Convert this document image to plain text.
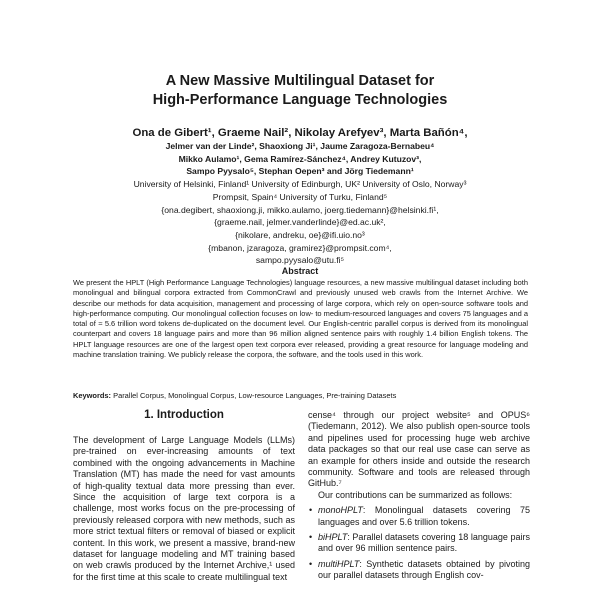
A New Massive Multilingual Dataset for
High-Performance Language Technologies
Ona de Gibert¹, Graeme Nail², Nikolay Arefyev³, Marta Bañón⁴,
Jelmer van der Linde², Shaoxiong Ji¹, Jaume Zaragoza-Bernabeu⁴
Mikko Aulamo¹, Gema Ramírez-Sánchez⁴, Andrey Kutuzov³,
Sampo Pyysalo⁵, Stephan Oepen³ and Jörg Tiedemann¹
University of Helsinki, Finland¹ University of Edinburgh, UK² University of Oslo, Norway³
Prompsit, Spain⁴ University of Turku, Finland⁵
{ona.degibert, shaoxiong.ji, mikko.aulamo, joerg.tiedemann}@helsinki.fi¹,
{graeme.nail, jelmer.vanderlinde}@ed.ac.uk²,
{nikolare, andreku, oe}@ifi.uio.no³
{mbanon, jzaragoza, gramirez}@prompsit.com⁴,
sampo.pyysalo@utu.fi⁵
Abstract
We present the HPLT (High Performance Language Technologies) language resources, a new massive multilingual dataset including both monolingual and bilingual corpora extracted from CommonCrawl and previously unused web crawls from the Internet Archive. We describe our methods for data acquisition, management and processing of large corpora, which rely on open-source software tools and high-performance computing. Our monolingual collection focuses on low- to medium-resourced languages and covers 75 languages and a total of ≈ 5.6 trillion word tokens de-duplicated on the document level. Our English-centric parallel corpus is derived from its monolingual counterpart and covers 18 language pairs and more than 96 million aligned sentence pairs with roughly 1.4 billion English tokens. The HPLT language resources are one of the largest open text corpora ever released, providing a great resource for language modeling and machine translation training. We publicly release the corpora, the software, and the tools used in this work.
Keywords: Parallel Corpus, Monolingual Corpus, Low-resource Languages, Pre-training Datasets
1. Introduction

The development of Large Language Models (LLMs) pre-trained on ever-increasing amounts of text combined with the ongoing advancements in Machine Translation (MT) has made the need for vast amounts of high-quality textual data more pressing than ever. Since the acquisition of large text corpora is a challenge, most works focus on the pre-processing of previously released corpora with new methods, such as more strict textual filters or removal of biased or explicit content. In this work, we present a massive, brand-new dataset for language modeling and MT training based on web crawls produced by the Internet Archive,¹ used for the first time at this scale to create multilingual text

cense⁴ through our project website⁵ and OPUS⁶ (Tiedemann, 2012). We also publish open-source tools and pipelines used for processing huge web archive data packages so that our real use case can serve as an example for others inside and outside the research community. Software and tools are released through GitHub.⁷

Our contributions can be summarized as follows:

• monoHPLT: Monolingual datasets covering 75 languages and over 5.6 trillion tokens.
• biHPLT: Parallel datasets covering 18 language pairs and over 96 million sentence pairs.
• multiHPLT: Synthetic datasets obtained by pivoting our parallel datasets through English cov-
